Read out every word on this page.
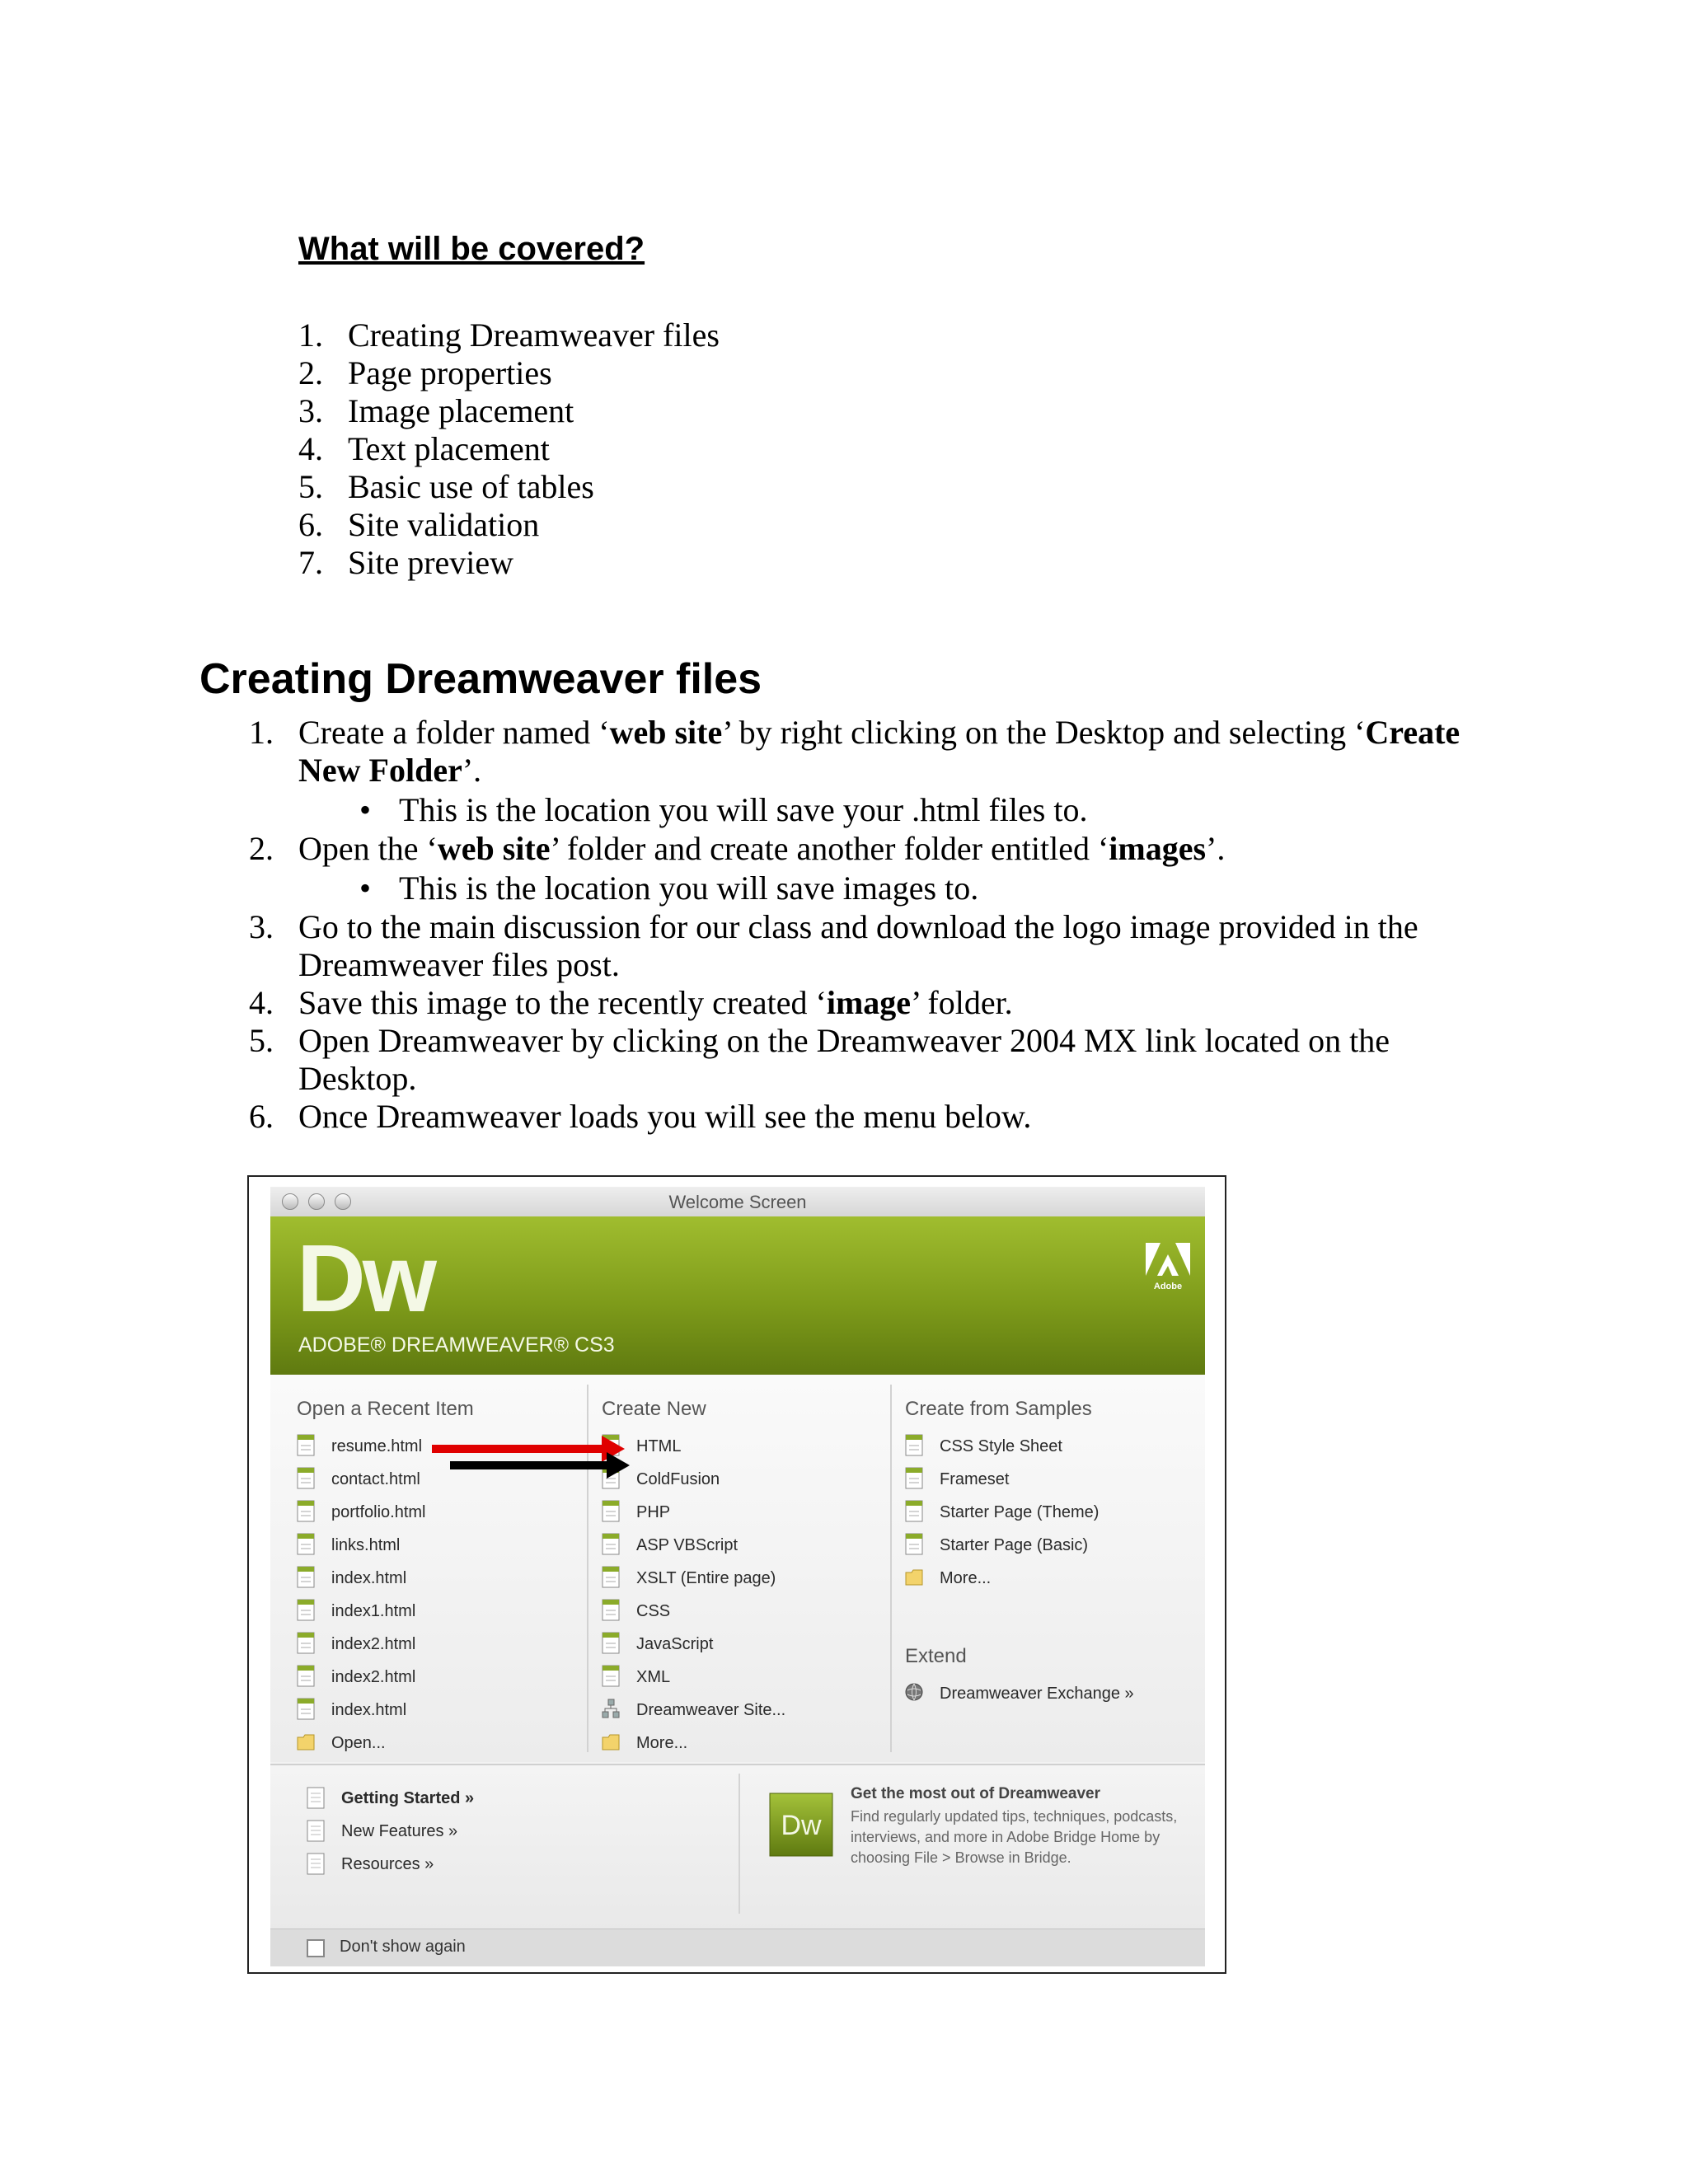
What will be covered?
1. Creating Dreamweaver files
2. Page properties
3. Image placement
4. Text placement
5. Basic use of tables
6. Site validation
7. Site preview
Creating Dreamweaver files
1. Create a folder named ‘web site’ by right clicking on the Desktop and selecting ‘Create
New Folder’.
• This is the location you will save your .html files to.
2. Open the ‘web site’ folder and create another folder entitled ‘images’.
• This is the location you will save images to.
3. Go to the main discussion for our class and download the logo image provided in the
Dreamweaver files post.
4. Save this image to the recently created ‘image’ folder.
5. Open Dreamweaver by clicking on the Dreamweaver 2004 MX link located on the
Desktop.
6. Once Dreamweaver loads you will see the menu below.
Welcome Screen
Dw
ADOBE® DREAMWEAVER® CS3
Adobe
Open a Recent Item
resume.html
contact.html
portfolio.html
links.html
index.html
index1.html
index2.html
index2.html
index.html
Open...
Create New
HTML
ColdFusion
PHP
ASP VBScript
XSLT (Entire page)
CSS
JavaScript
XML
Dreamweaver Site...
More...
Create from Samples
CSS Style Sheet
Frameset
Starter Page (Theme)
Starter Page (Basic)
More...
Extend
Dreamweaver Exchange »
Getting Started »
New Features »
Resources »
Dw
Get the most out of Dreamweaver
Find regularly updated tips, techniques, podcasts, interviews, and more in Adobe Bridge Home by choosing File > Browse in Bridge.
Don't show again
